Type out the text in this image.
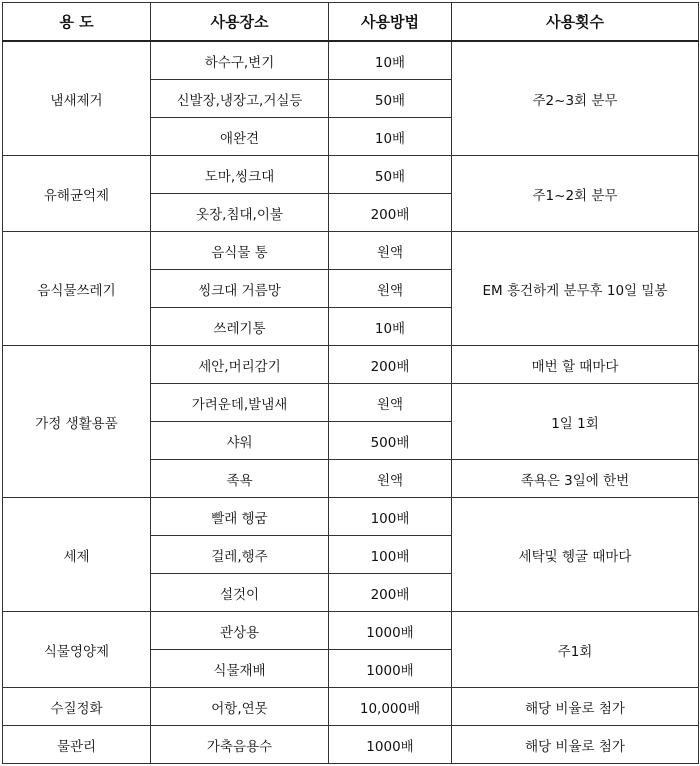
용 도	사용장소	사용방법	사용횟수
냄새제거	하수구,변기	10배	주2~3회 분무
	신발장,냉장고,거실등	50배	
	애완견	10배	
유해균억제	도마,씽크대	50배	주1~2회 분무
	옷장,침대,이불	200배	
음식물쓰레기	음식물 통	원액	EM 흥건하게 분무후 10일 밀봉
	씽크대 거름망	원액	
	쓰레기통	10배	
가정 생활용품	세안,머리감기	200배	매번 할 때마다
	가려운데,발냄새	원액	1일 1회
	샤워	500배	
	족욕	원액	족욕은 3일에 한번
세제	빨래 헹굼	100배	세탁및 헹굴 때마다
	걸레,행주	100배	
	설것이	200배	
식물영양제	관상용	1000배	주1회
	식물재배	1000배	
수질정화	어항,연못	10,000배	해당 비율로 첨가
물관리	가축음용수	1000배	해당 비율로 첨가
